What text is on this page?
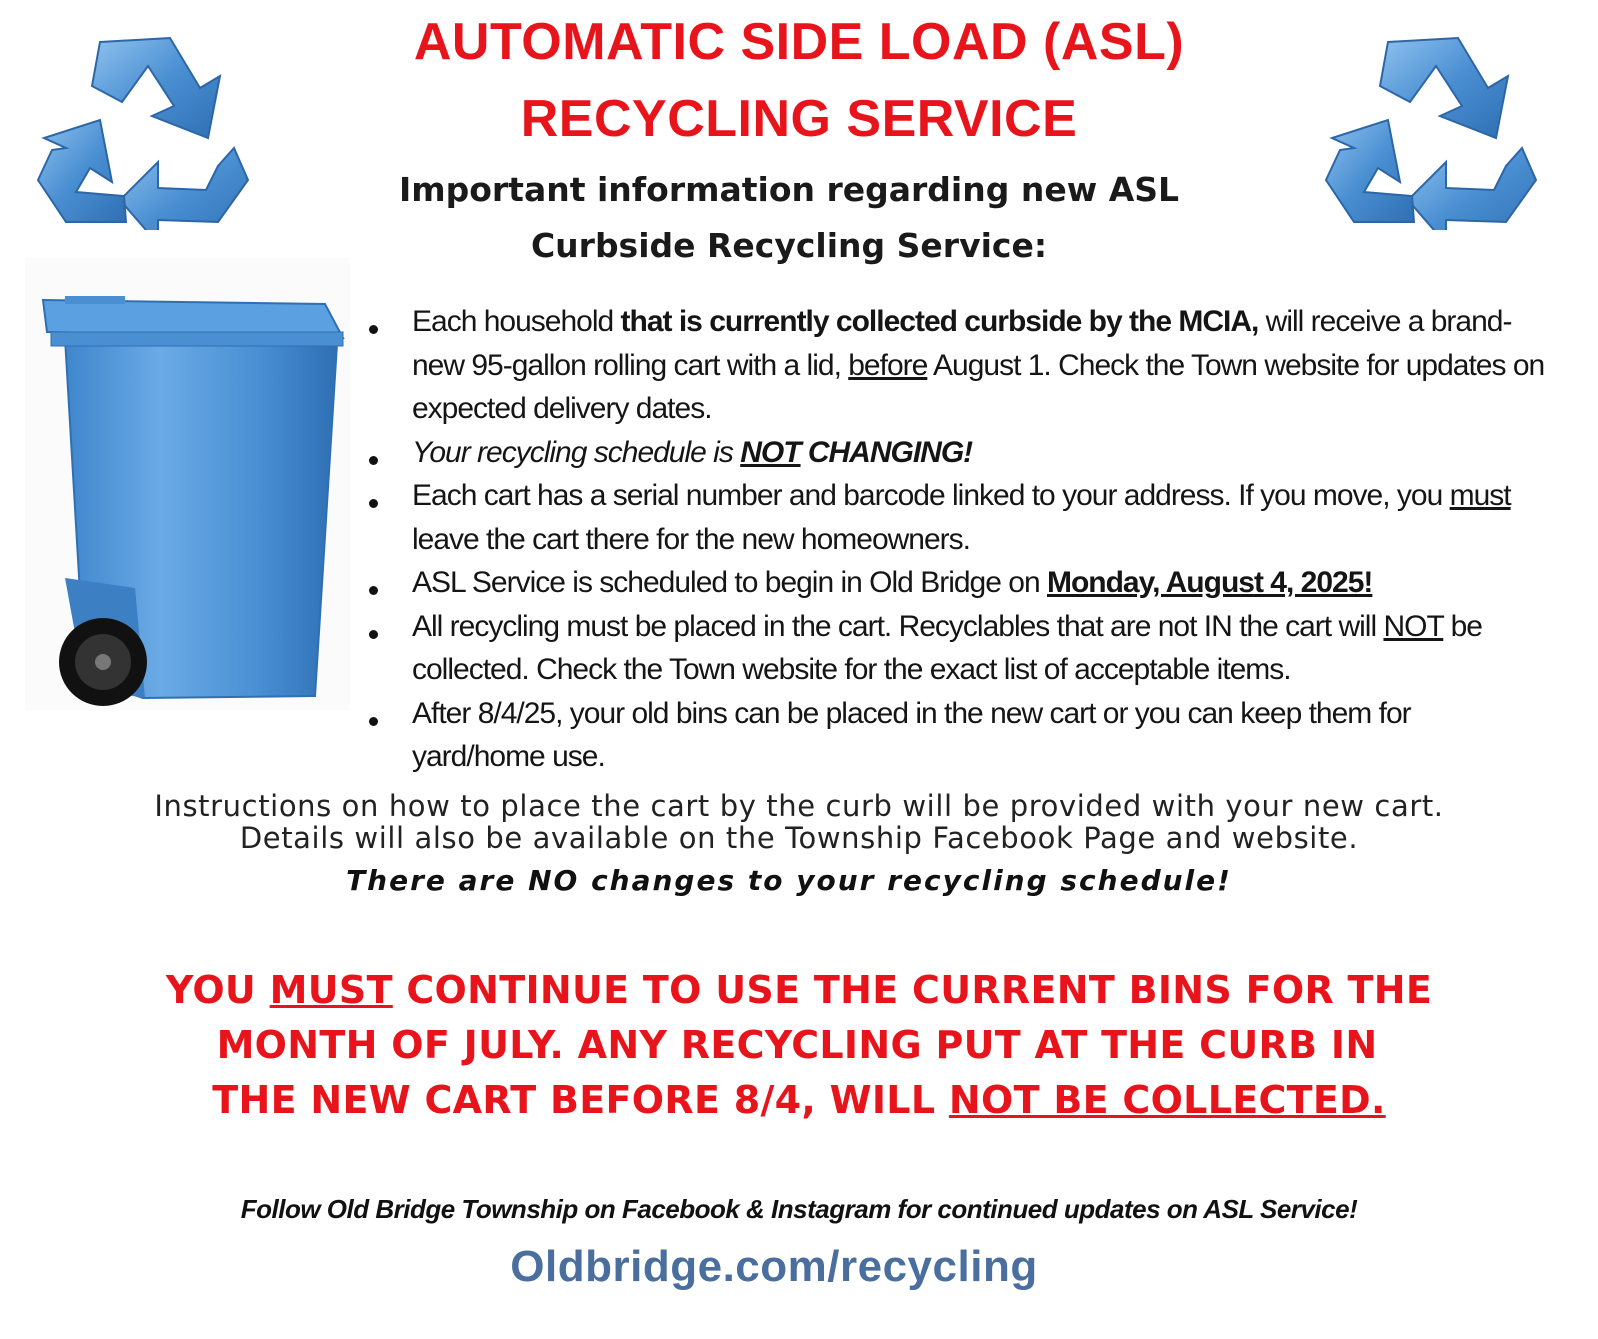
AUTOMATIC SIDE LOAD (ASL)
RECYCLING SERVICE
Important information regarding new ASL
Curbside Recycling Service:
Each household that is currently collected curbside by the MCIA, will receive a brand-new 95-gallon rolling cart with a lid, before August 1. Check the Town website for updates on expected delivery dates.
Your recycling schedule is NOT CHANGING!
Each cart has a serial number and barcode linked to your address. If you move, you must leave the cart there for the new homeowners.
ASL Service is scheduled to begin in Old Bridge on Monday, August 4, 2025!
All recycling must be placed in the cart. Recyclables that are not IN the cart will NOT be collected. Check the Town website for the exact list of acceptable items.
After 8/4/25, your old bins can be placed in the new cart or you can keep them for yard/home use.
Instructions on how to place the cart by the curb will be provided with your new cart.
Details will also be available on the Township Facebook Page and website.
There are NO changes to your recycling schedule!
YOU MUST CONTINUE TO USE THE CURRENT BINS FOR THE
MONTH OF JULY. ANY RECYCLING PUT AT THE CURB IN
THE NEW CART BEFORE 8/4, WILL NOT BE COLLECTED.
Follow Old Bridge Township on Facebook & Instagram for continued updates on ASL Service!
Oldbridge.com/recycling
